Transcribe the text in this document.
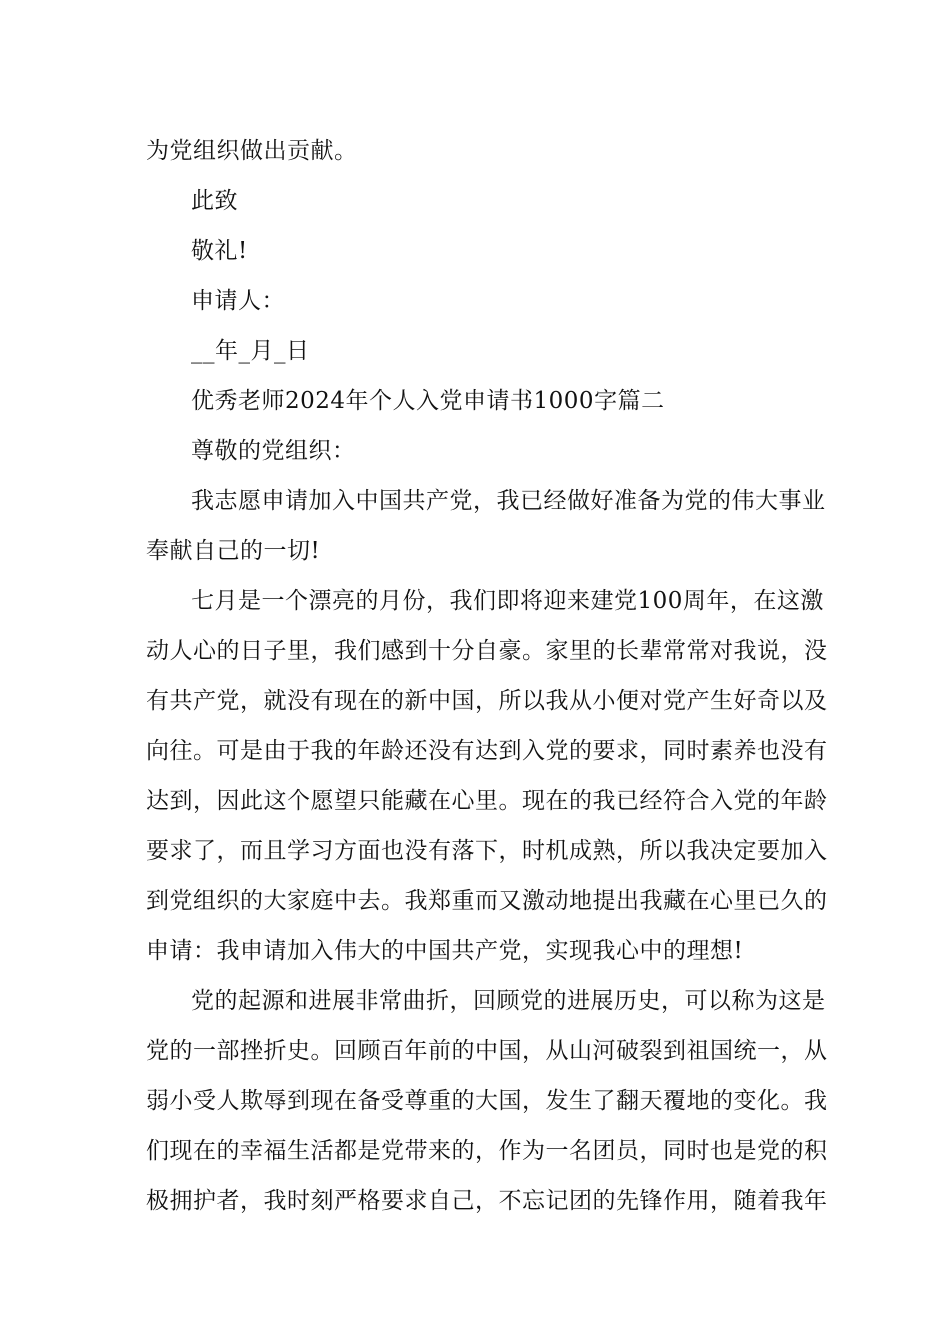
为党组织做出贡献。
此致
敬礼!
申请人：
__年_月_日
优秀老师2024年个人入党申请书1000字篇二
尊敬的党组织：
我志愿申请加入中国共产党，我已经做好准备为党的伟大事业
奉献自己的一切!
七月是一个漂亮的月份，我们即将迎来建党100周年，在这激
动人心的日子里，我们感到十分自豪。家里的长辈常常对我说，没
有共产党，就没有现在的新中国，所以我从小便对党产生好奇以及
向往。可是由于我的年龄还没有达到入党的要求，同时素养也没有
达到，因此这个愿望只能藏在心里。现在的我已经符合入党的年龄
要求了，而且学习方面也没有落下，时机成熟，所以我决定要加入
到党组织的大家庭中去。我郑重而又激动地提出我藏在心里已久的
申请：我申请加入伟大的中国共产党，实现我心中的理想!
党的起源和进展非常曲折，回顾党的进展历史，可以称为这是
党的一部挫折史。回顾百年前的中国，从山河破裂到祖国统一，从
弱小受人欺辱到现在备受尊重的大国，发生了翻天覆地的变化。我
们现在的幸福生活都是党带来的，作为一名团员，同时也是党的积
极拥护者，我时刻严格要求自己，不忘记团的先锋作用，随着我年
